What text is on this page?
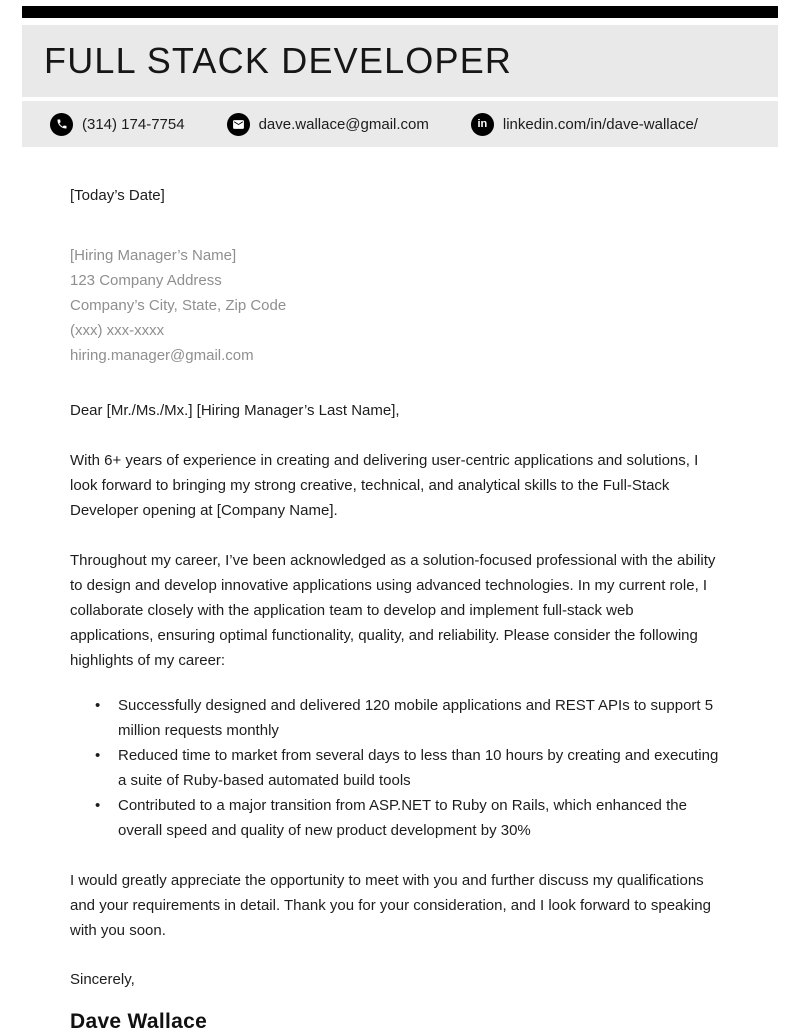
FULL STACK DEVELOPER
(314) 174-7754	dave.wallace@gmail.com	in linkedin.com/in/dave-wallace/
[Today’s Date]
[Hiring Manager’s Name]
123 Company Address
Company’s City, State, Zip Code
(xxx) xxx-xxxx
hiring.manager@gmail.com
Dear [Mr./Ms./Mx.] [Hiring Manager’s Last Name],

With 6+ years of experience in creating and delivering user-centric applications and solutions, I look forward to bringing my strong creative, technical, and analytical skills to the Full-Stack Developer opening at [Company Name].

Throughout my career, I’ve been acknowledged as a solution-focused professional with the ability to design and develop innovative applications using advanced technologies. In my current role, I collaborate closely with the application team to develop and implement full-stack web applications, ensuring optimal functionality, quality, and reliability. Please consider the following highlights of my career:

• Successfully designed and delivered 120 mobile applications and REST APIs to support 5 million requests monthly
• Reduced time to market from several days to less than 10 hours by creating and executing a suite of Ruby-based automated build tools
• Contributed to a major transition from ASP.NET to Ruby on Rails, which enhanced the overall speed and quality of new product development by 30%

I would greatly appreciate the opportunity to meet with you and further discuss my qualifications and your requirements in detail. Thank you for your consideration, and I look forward to speaking with you soon.

Sincerely,
Dave Wallace
